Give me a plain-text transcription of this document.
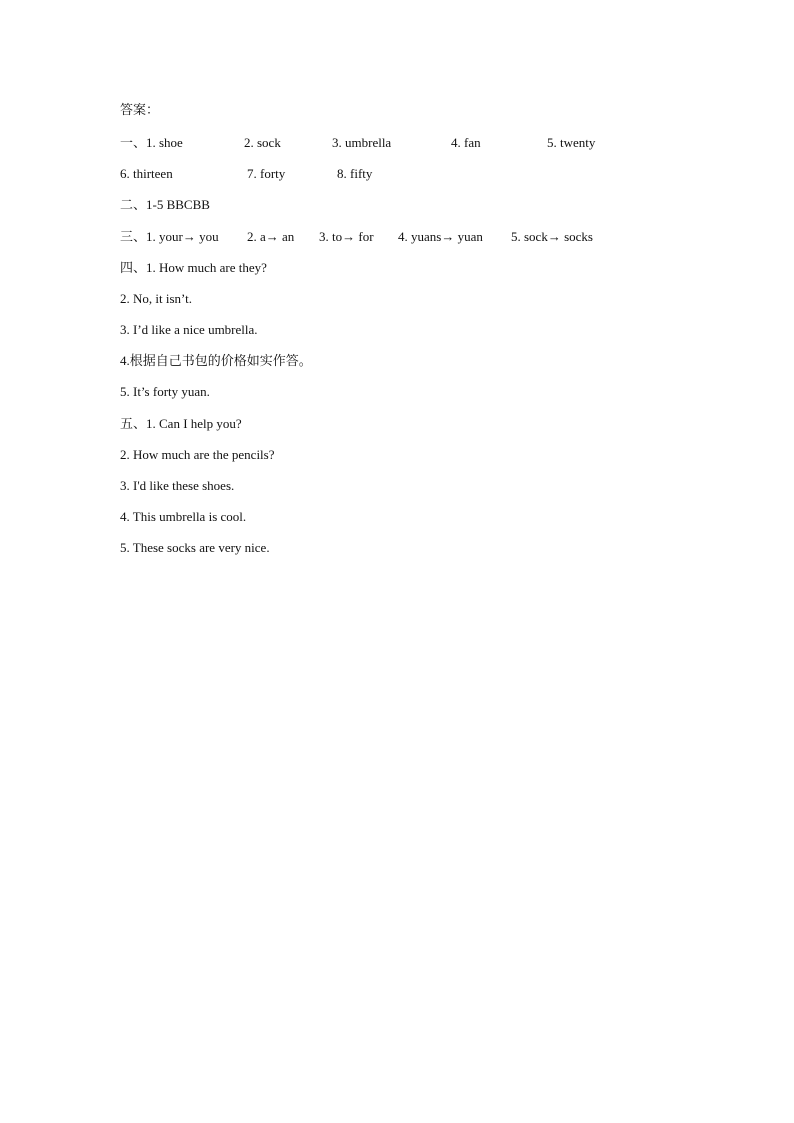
答案：
一、1. shoe	2. sock	3. umbrella	4. fan	5. twenty
6. thirteen	7. forty	8. fifty
二、1-5 BBCBB
三、1. your→ you 2. a→ an 3. to→ for 4. yuans→ yuan 5. sock→ socks
四、1. How much are they?
2. No, it isn’t.
3. I’d like a nice umbrella.
4.根据自己书包的价格如实作答。
5. It’s forty yuan.
五、1. Can I help you?
2. How much are the pencils?
3. I'd like these shoes.
4. This umbrella is cool.
5. These socks are very nice.
